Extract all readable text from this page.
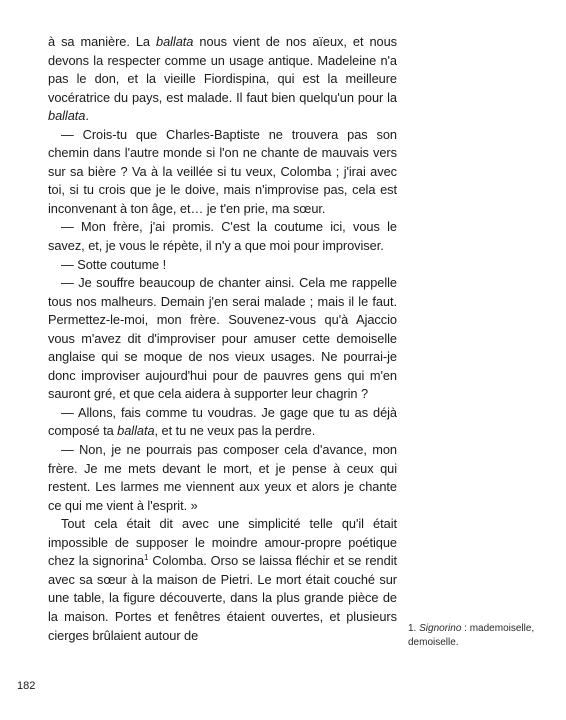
à sa manière. La ballata nous vient de nos aïeux, et nous devons la respecter comme un usage antique. Madeleine n'a pas le don, et la vieille Fiordispina, qui est la meilleure vocératrice du pays, est malade. Il faut bien quelqu'un pour la ballata.

— Crois-tu que Charles-Baptiste ne trouvera pas son chemin dans l'autre monde si l'on ne chante de mauvais vers sur sa bière ? Va à la veillée si tu veux, Colomba ; j'irai avec toi, si tu crois que je le doive, mais n'improvise pas, cela est inconvenant à ton âge, et… je t'en prie, ma sœur.

— Mon frère, j'ai promis. C'est la coutume ici, vous le savez, et, je vous le répète, il n'y a que moi pour improviser.

— Sotte coutume !

— Je souffre beaucoup de chanter ainsi. Cela me rappelle tous nos malheurs. Demain j'en serai malade ; mais il le faut. Permettez-le-moi, mon frère. Souvenez-vous qu'à Ajaccio vous m'avez dit d'improviser pour amuser cette demoiselle anglaise qui se moque de nos vieux usages. Ne pourrai-je donc improviser aujourd'hui pour de pauvres gens qui m'en sauront gré, et que cela aidera à supporter leur chagrin ?

— Allons, fais comme tu voudras. Je gage que tu as déjà composé ta ballata, et tu ne veux pas la perdre.

— Non, je ne pourrais pas composer cela d'avance, mon frère. Je me mets devant le mort, et je pense à ceux qui restent. Les larmes me viennent aux yeux et alors je chante ce qui me vient à l'esprit. »

Tout cela était dit avec une simplicité telle qu'il était impossible de supposer le moindre amour-propre poétique chez la signorina$^1$ Colomba. Orso se laissa fléchir et se rendit avec sa sœur à la maison de Pietri. Le mort était couché sur une table, la figure découverte, dans la plus grande pièce de la maison. Portes et fenêtres étaient ouvertes, et plusieurs cierges brûlaient autour de	1. Signorino : mademoiselle, demoiselle.
182
